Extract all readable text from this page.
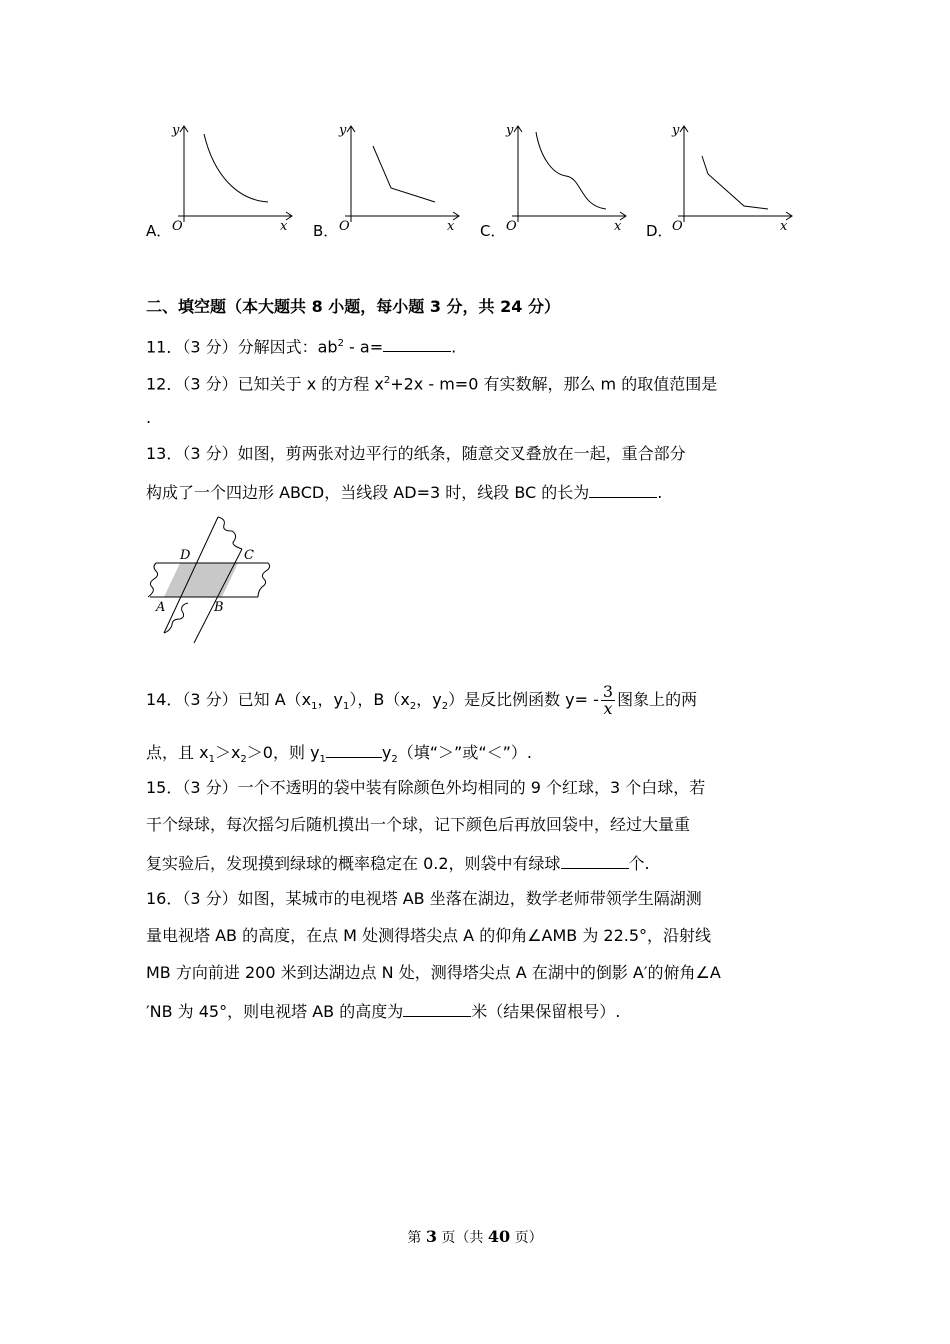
A．
y
O	x B．
y
O	x C．
y
O	x D．
y
O	x
二、填空题（本大题共 8 小题，每小题 3 分，共 24 分）
11．（3 分）分解因式：$ab^2 - a=$	.
12．（3 分）已知关于 x 的方程 $x^2+2x - m=0$ 有实数解，那么 m 的取值范围是
.
13．（3 分）如图，剪两张对边平行的纸条，随意交叉叠放在一起，重合部分
构成了一个四边形 ABCD，当线段 AD=3 时，线段 BC 的长为	.
D	C
A	B
14．（3 分）已知 $A(x_1$，$y_1$），$B(x_2$，$y_2$）是反比例函数 $y= - \frac{3}{x}$ 图象上的两
点，且 $x_1>x_2>0$，则 $y_1$	$y_2$（填“＞”或“＜”）.
15．（3 分）一个不透明的袋中装有除颜色外均相同的 9 个红球，3 个白球，若
干个绿球，每次摇匀后随机摸出一个球，记下颜色后再放回袋中，经过大量重
复实验后，发现摸到绿球的概率稳定在 0.2，则袋中有绿球	个.
16．（3 分）如图，某城市的电视塔 AB 坐落在湖边，数学老师带领学生隔湖测
量电视塔 AB 的高度，在点 M 处测得塔尖点 A 的仰角∠AMB 为 22.5°，沿射线
MB 方向前进 200 米到达湖边点 N 处，测得塔尖点 A 在湖中的倒影 A′的俯角∠A
′NB 为 45°，则电视塔 AB 的高度为	米（结果保留根号）.
第 3 页（共 40 页）
